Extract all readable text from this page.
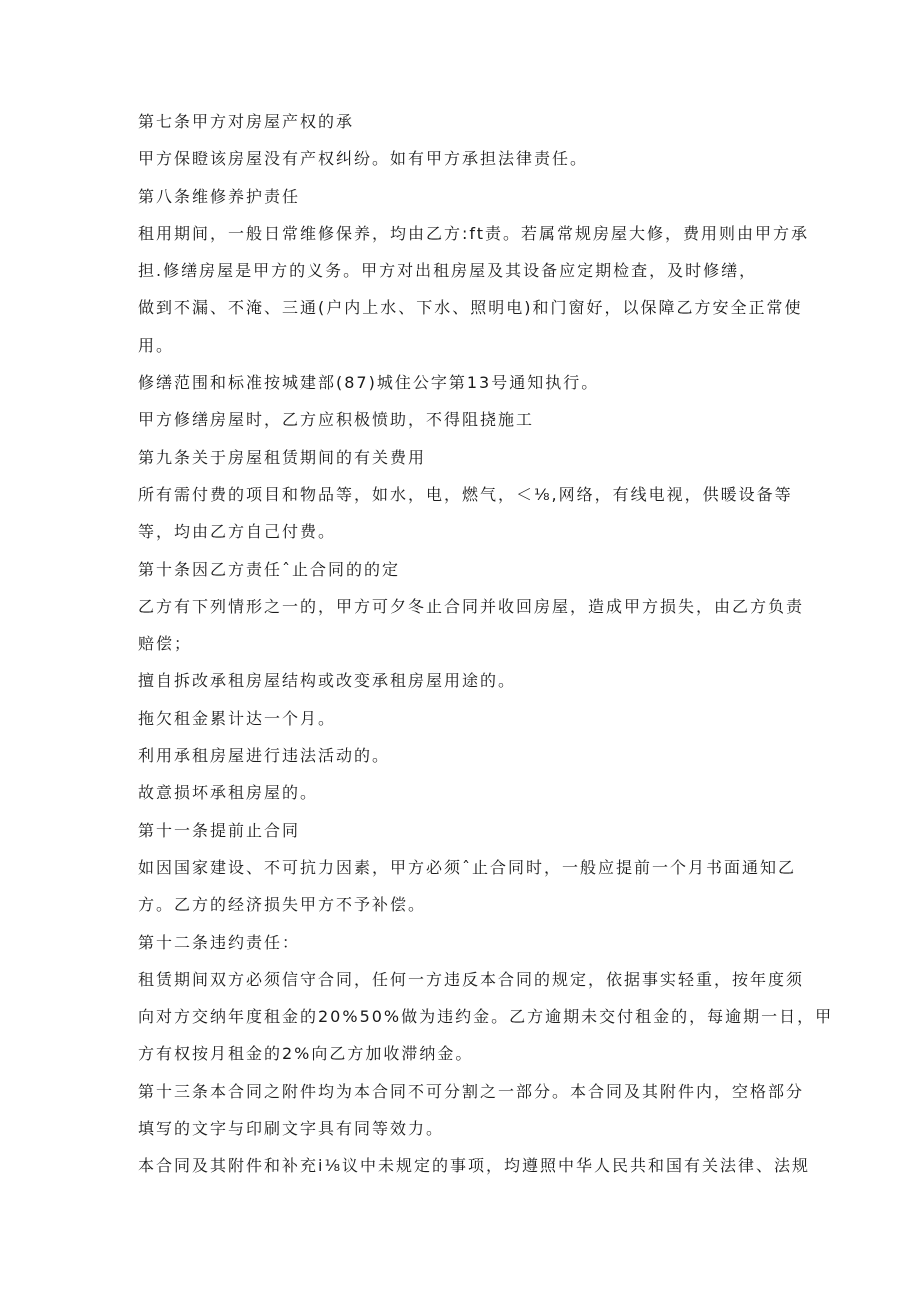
第七条甲方对房屋产权的承
甲方保瞪该房屋没有产权纠纷。如有甲方承担法律责任。
第八条维修养护责任
租用期间，一般日常维修保养，均由乙方:ft责。若属常规房屋大修，费用则由甲方承
担.修缮房屋是甲方的义务。甲方对出租房屋及其设备应定期检査，及时修缮，
做到不漏、不淹、三通(户内上水、下水、照明电)和门窗好，以保障乙方安全正常使
用。
修缮范围和标准按城建部(87)城住公字第13号通知执行。
甲方修缮房屋时，乙方应积极愤助，不得阻挠施工
第九条关于房屋租赁期间的有关费用
所有需付费的项目和物品等，如水，电，燃气，＜⅛,网络，有线电视，供暖设备等
等，均由乙方自己付费。
第十条因乙方责任ˆ止合同的的定
乙方有下列情形之一的，甲方可夕冬止合同并收回房屋，造成甲方损失，由乙方负责
赔偿；
擅自拆改承租房屋结构或改变承租房屋用途的。
拖欠租金累计达一个月。
利用承租房屋进行违法活动的。
故意损坏承租房屋的。
第十一条提前止合同
如因国家建设、不可抗力因素，甲方必须ˆ止合同时，一般应提前一个月书面通知乙
方。乙方的经济损失甲方不予补偿。
第十二条违约责任：
租赁期间双方必须信守合同，任何一方违反本合同的规定，依据事实轻重，按年度须
向对方交纳年度租金的20%50%做为违约金。乙方逾期未交付租金的，每逾期一日，甲
方有权按月租金的2%向乙方加收滞纳金。
第十三条本合同之附件均为本合同不可分割之一部分。本合同及其附件内，空格部分
填写的文字与印刷文字具有同等效力。
本合同及其附件和补充i⅛议中未规定的事项，均遵照中华人民共和国有关法律、法规
